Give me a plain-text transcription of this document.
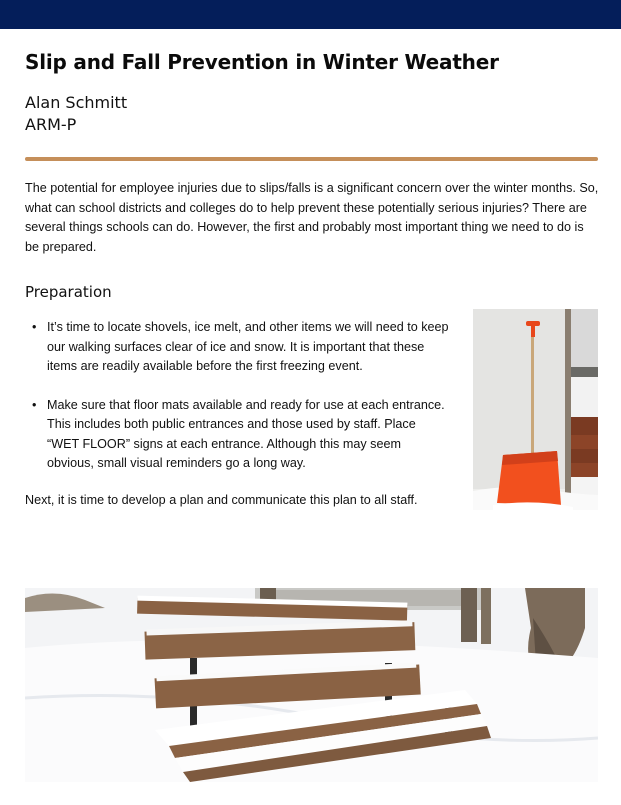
Slip and Fall Prevention in Winter Weather
Alan Schmitt
ARM-P

The potential for employee injuries due to slips/falls is a significant concern over the winter months. So, what can school districts and colleges do to help prevent these potentially serious injuries? There are several things schools can do. However, the first and probably most important thing we need to do is be prepared.

Preparation
• It’s time to locate shovels, ice melt, and other items we will need to keep our walking surfaces clear of ice and snow. It is important that these items are readily available before the first freezing event.
• Make sure that floor mats available and ready for use at each entrance. This includes both public entrances and those used by staff. Place “WET FLOOR” signs at each entrance. Although this may seem obvious, small visual reminders go a long way.

Next, it is time to develop a plan and communicate this plan to all staff.
